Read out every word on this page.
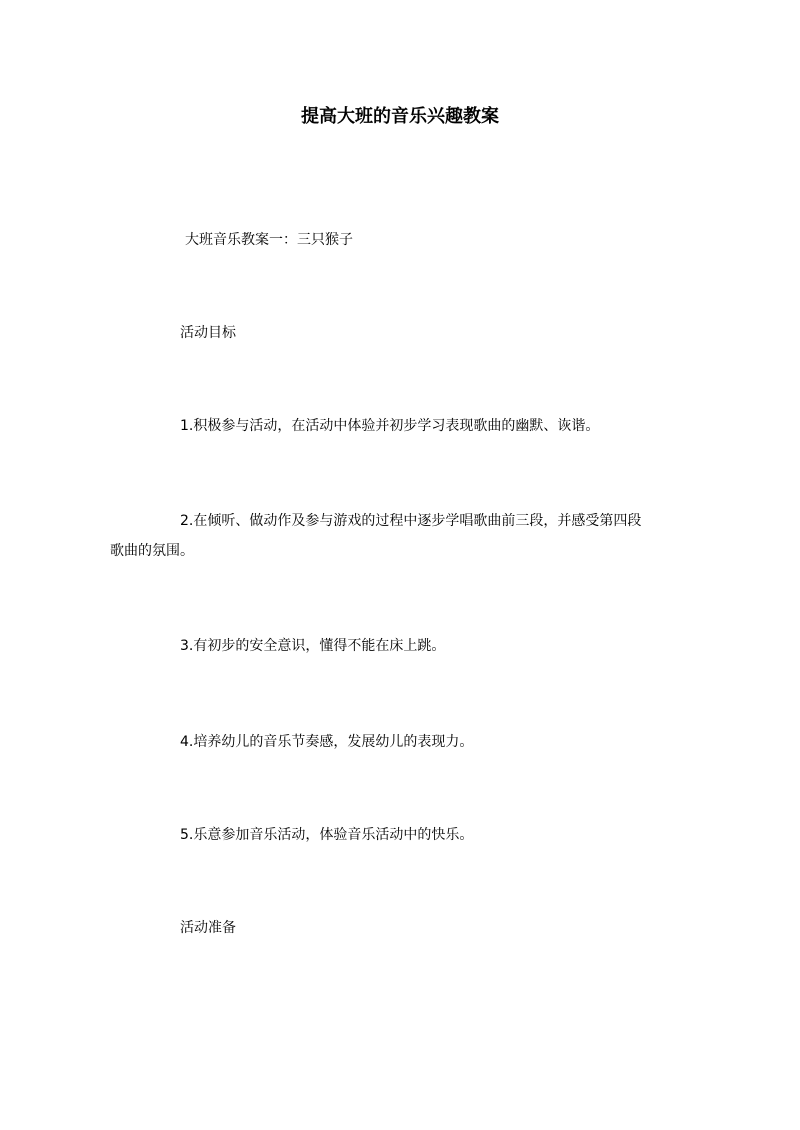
提高大班的音乐兴趣教案
大班音乐教案一：三只猴子
活动目标
1.积极参与活动，在活动中体验并初步学习表现歌曲的幽默、诙谐。
2.在倾听、做动作及参与游戏的过程中逐步学唱歌曲前三段，并感受第四段歌曲的氛围。
3.有初步的安全意识，懂得不能在床上跳。
4.培养幼儿的音乐节奏感，发展幼儿的表现力。
5.乐意参加音乐活动，体验音乐活动中的快乐。
活动准备
